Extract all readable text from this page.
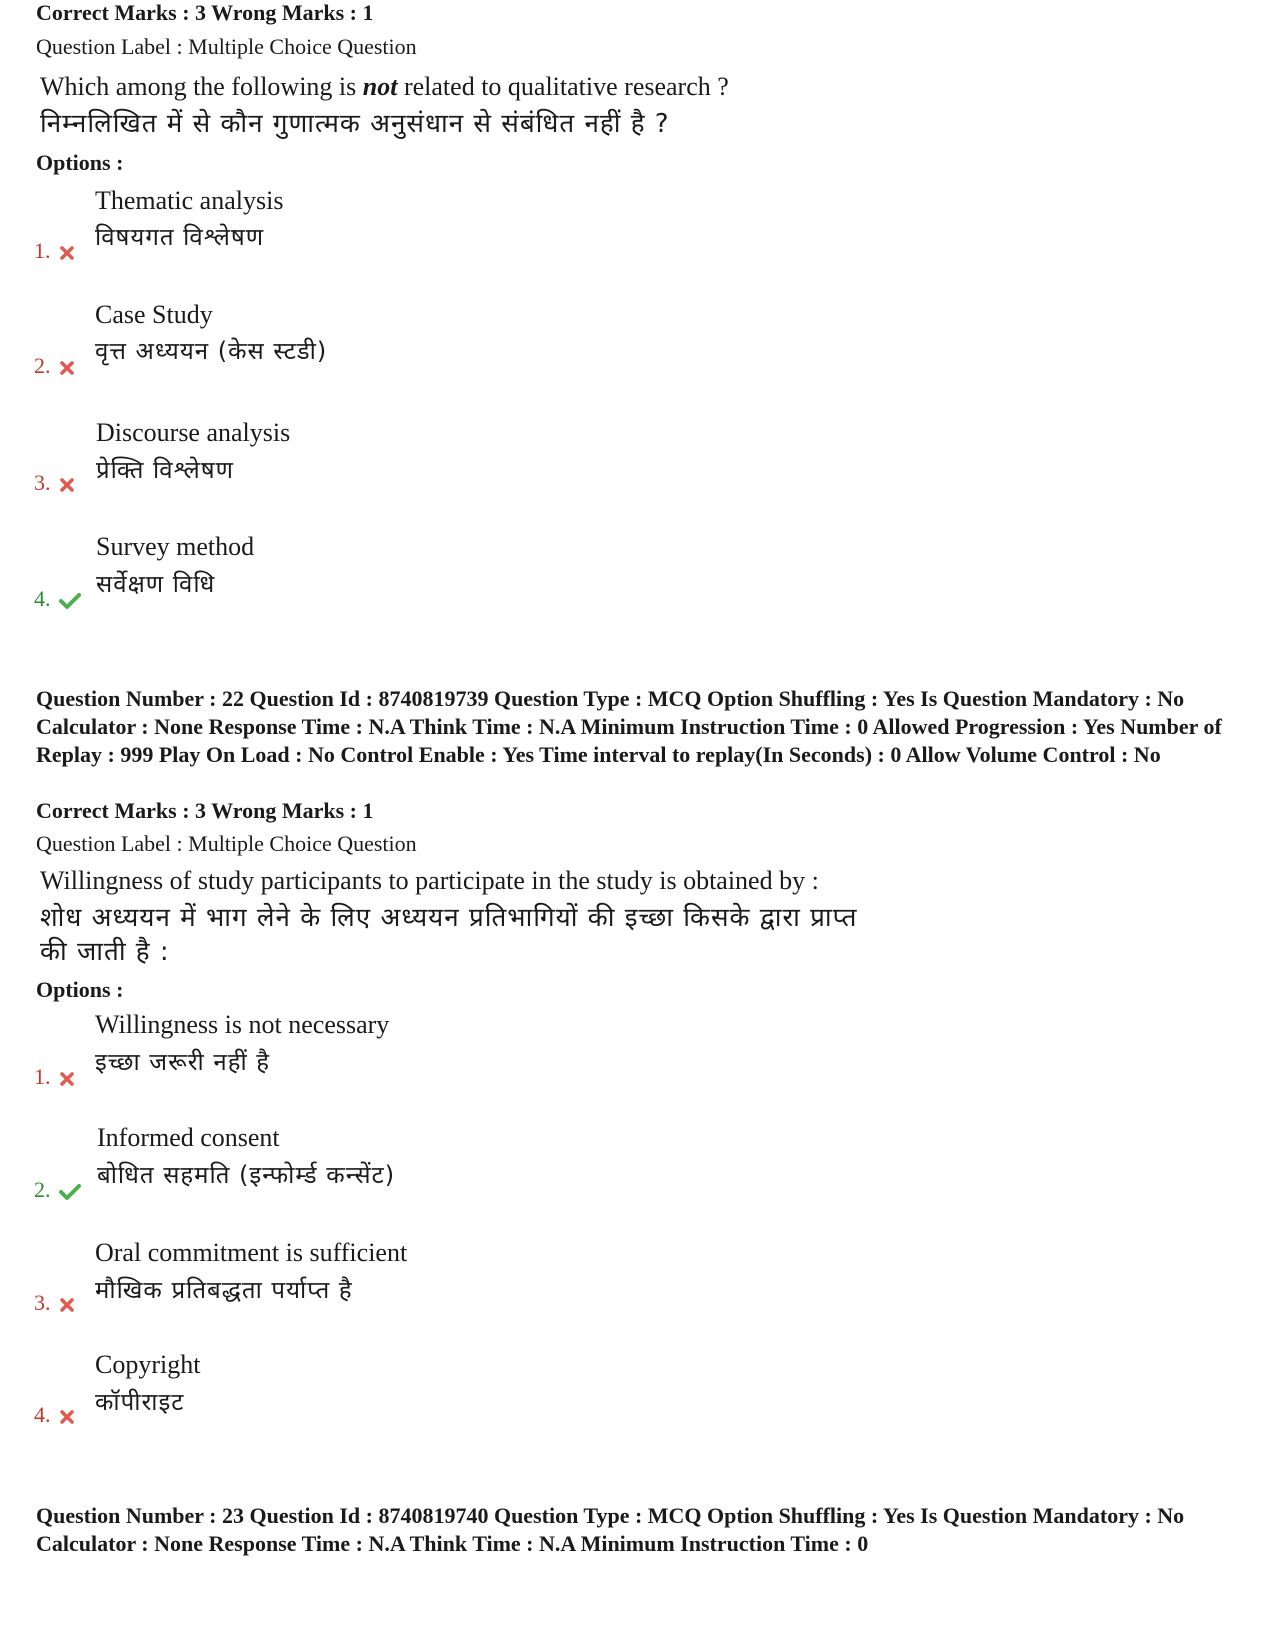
Correct Marks : 3 Wrong Marks : 1
Question Label : Multiple Choice Question
Which among the following is not related to qualitative research ?
निम्नलिखित में से कौन गुणात्मक अनुसंधान से संबंधित नहीं है ?
Options :
Thematic analysis
विषयगत विश्लेषण
1.
Case Study
वृत्त अध्ययन (केस स्टडी)
2.
Discourse analysis
प्रेक्ति विश्लेषण
3.
Survey method
सर्वेक्षण विधि
4.
Question Number : 22 Question Id : 8740819739 Question Type : MCQ Option Shuffling : Yes Is Question Mandatory : No Calculator : None Response Time : N.A Think Time : N.A Minimum Instruction Time : 0 Allowed Progression : Yes Number of Replay : 999 Play On Load : No Control Enable : Yes Time interval to replay(In Seconds) : 0 Allow Volume Control : No
Correct Marks : 3 Wrong Marks : 1
Question Label : Multiple Choice Question
Willingness of study participants to participate in the study is obtained by :
शोध अध्ययन में भाग लेने के लिए अध्ययन प्रतिभागियों की इच्छा किसके द्वारा प्राप्त
की जाती है :
Options :
Willingness is not necessary
इच्छा जरूरी नहीं है
1.
Informed consent
बोधित सहमति (इन्फोर्म्ड कन्सेंट)
2.
Oral commitment is sufficient
मौखिक प्रतिबद्धता पर्याप्त है
3.
Copyright
कॉपीराइट
4.
Question Number : 23 Question Id : 8740819740 Question Type : MCQ Option Shuffling : Yes Is Question Mandatory : No Calculator : None Response Time : N.A Think Time : N.A Minimum Instruction Time : 0
